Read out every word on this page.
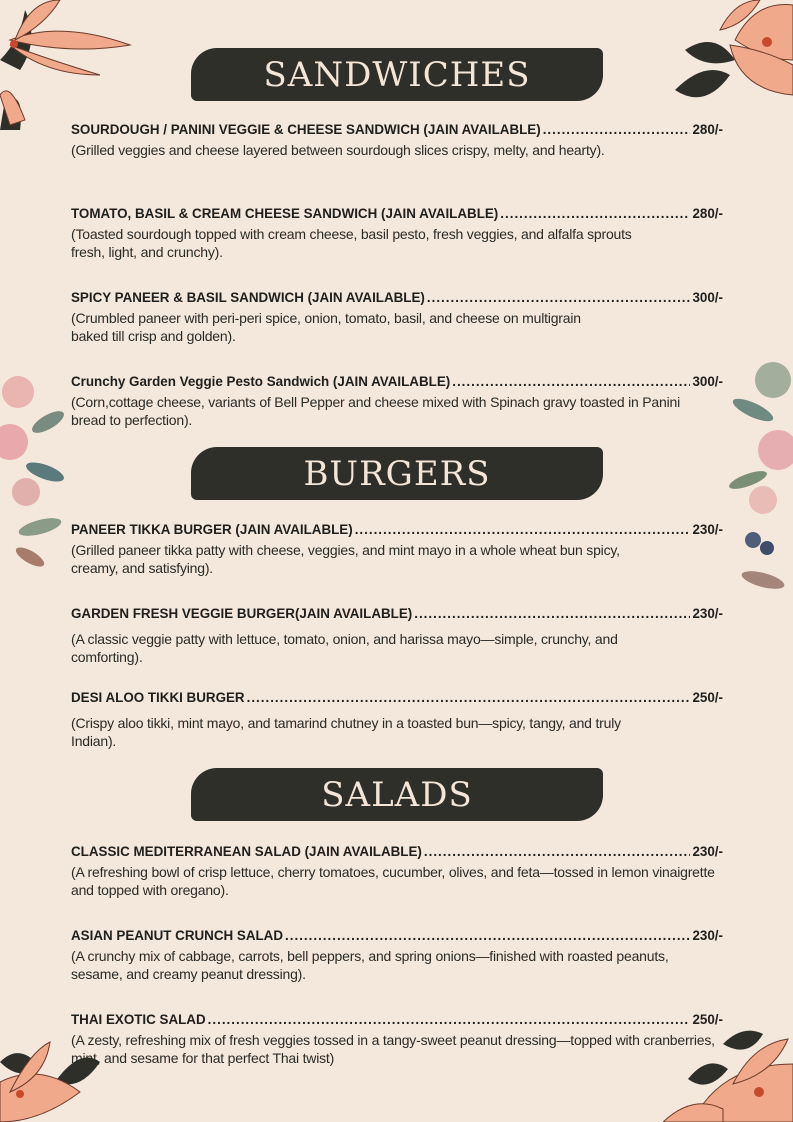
SANDWICHES
SOURDOUGH / PANINI VEGGIE & CHEESE SANDWICH (JAIN AVAILABLE) .....	280/-
(Grilled veggies and cheese layered between sourdough slices crispy, melty, and hearty).
TOMATO, BASIL & CREAM CHEESE SANDWICH (JAIN AVAILABLE) .....	280/-
(Toasted sourdough topped with cream cheese, basil pesto, fresh veggies, and alfalfa sprouts fresh, light, and crunchy).
SPICY PANEER & BASIL SANDWICH (JAIN AVAILABLE) .....	300/-
(Crumbled paneer with peri-peri spice, onion, tomato, basil, and cheese on multigrain baked till crisp and golden).
Crunchy Garden Veggie Pesto Sandwich (JAIN AVAILABLE) .....	300/-
(Corn,cottage cheese, variants of Bell Pepper and cheese mixed with Spinach gravy toasted in Panini bread to perfection).
BURGERS
PANEER TIKKA BURGER (JAIN AVAILABLE) .....	230/-
(Grilled paneer tikka patty with cheese, veggies, and mint mayo in a whole wheat bun spicy, creamy, and satisfying).
GARDEN FRESH VEGGIE BURGER(JAIN AVAILABLE) .....	230/-
(A classic veggie patty with lettuce, tomato, onion, and harissa mayo—simple, crunchy, and comforting).
DESI ALOO TIKKI BURGER .....	250/-
(Crispy aloo tikki, mint mayo, and tamarind chutney in a toasted bun—spicy, tangy, and truly Indian).
SALADS
CLASSIC MEDITERRANEAN SALAD (JAIN AVAILABLE) .....	230/-
(A refreshing bowl of crisp lettuce, cherry tomatoes, cucumber, olives, and feta—tossed in lemon vinaigrette and topped with oregano).
ASIAN PEANUT CRUNCH SALAD .....	230/-
(A crunchy mix of cabbage, carrots, bell peppers, and spring onions—finished with roasted peanuts, sesame, and creamy peanut dressing).
THAI EXOTIC SALAD .....	250/-
(A zesty, refreshing mix of fresh veggies tossed in a tangy-sweet peanut dressing—topped with cranberries, mint, and sesame for that perfect Thai twist)
